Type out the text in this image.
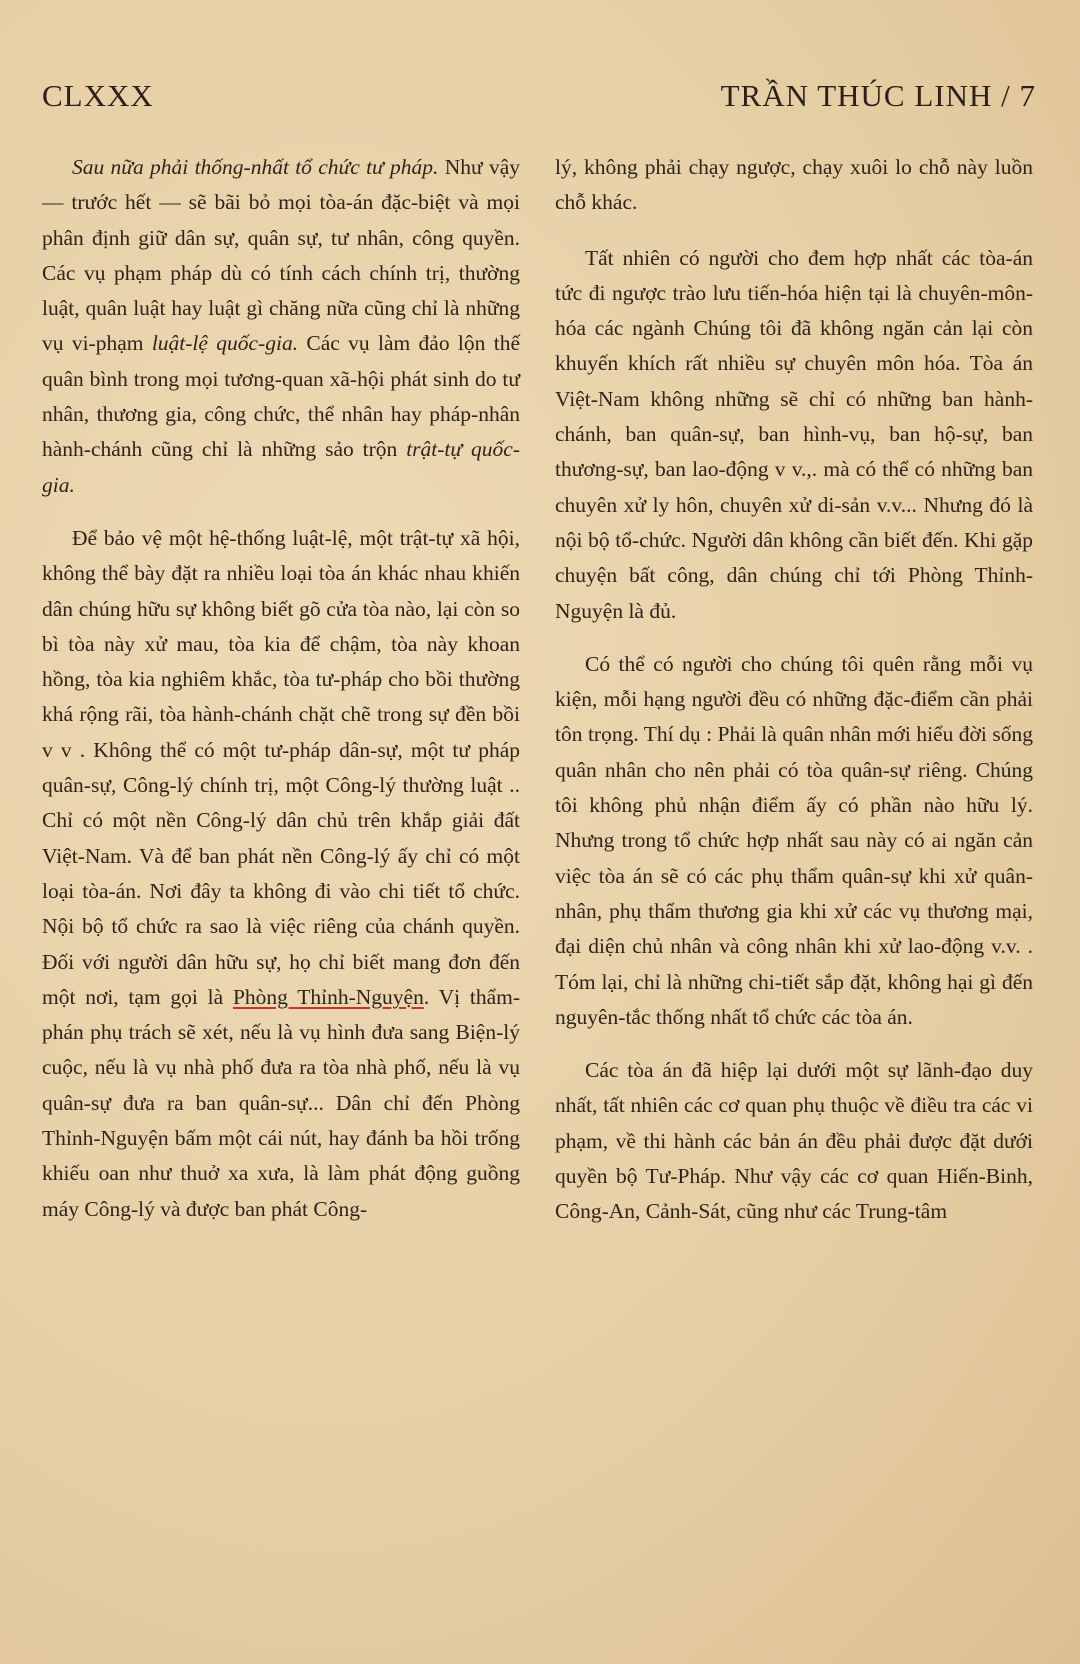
CLXXX	TRẦN THÚC LINH / 7

Sau nữa phải thống-nhất tổ chức tư pháp. Như vậy — trước hết — sẽ bãi bỏ mọi tòa-án đặc-biệt và mọi phân định giữ dân sự, quân sự, tư nhân, công quyền. Các vụ phạm pháp dù có tính cách chính trị, thường luật, quân luật hay luật gì chăng nữa cũng chỉ là những vụ vi-phạm luật-lệ quốc-gia. Các vụ làm đảo lộn thế quân bình trong mọi tương-quan xã-hội phát sinh do tư nhân, thương gia, công chức, thể nhân hay pháp-nhân hành-chánh cũng chỉ là những sảo trộn trật-tự quốc-gia.

Để bảo vệ một hệ-thống luật-lệ, một trật-tự xã hội, không thể bày đặt ra nhiều loại tòa án khác nhau khiến dân chúng hữu sự không biết gõ cửa tòa nào, lại còn so bì tòa này xử mau, tòa kia để chậm, tòa này khoan hồng, tòa kia nghiêm khắc, tòa tư-pháp cho bồi thường khá rộng rãi, tòa hành-chánh chặt chẽ trong sự đền bồi v v . Không thể có một tư-pháp dân-sự, một tư pháp quân-sự, Công-lý chính trị, một Công-lý thường luật .. Chỉ có một nền Công-lý dân chủ trên khắp giải đất Việt-Nam. Và để ban phát nền Công-lý ấy chỉ có một loại tòa-án. Nơi đây ta không đi vào chi tiết tổ chức. Nội bộ tổ chức ra sao là việc riêng của chánh quyền. Đối với người dân hữu sự, họ chỉ biết mang đơn đến một nơi, tạm gọi là Phòng Thỉnh-Nguyện. Vị thẩm-phán phụ trách sẽ xét, nếu là vụ hình đưa sang Biện-lý cuộc, nếu là vụ nhà phố đưa ra tòa nhà phố, nếu là vụ quân-sự đưa ra ban quân-sự... Dân chỉ đến Phòng Thỉnh-Nguyện bấm một cái nút, hay đánh ba hồi trống khiếu oan như thuở xa xưa, là làm phát động guồng máy Công-lý và được ban phát Công-

lý, không phải chạy ngược, chạy xuôi lo chỗ này luồn chỗ khác.

Tất nhiên có người cho đem hợp nhất các tòa-án tức đi ngược trào lưu tiến-hóa hiện tại là chuyên-môn-hóa các ngành Chúng tôi đã không ngăn cản lại còn khuyến khích rất nhiều sự chuyên môn hóa. Tòa án Việt-Nam không những sẽ chỉ có những ban hành-chánh, ban quân-sự, ban hình-vụ, ban hộ-sự, ban thương-sự, ban lao-động v v.,. mà có thể có những ban chuyên xử ly hôn, chuyên xử di-sản v.v... Nhưng đó là nội bộ tổ-chức. Người dân không cần biết đến. Khi gặp chuyện bất công, dân chúng chỉ tới Phòng Thỉnh-Nguyện là đủ.

Có thể có người cho chúng tôi quên rằng mỗi vụ kiện, mỗi hạng người đều có những đặc-điểm cần phải tôn trọng. Thí dụ : Phải là quân nhân mới hiểu đời sống quân nhân cho nên phải có tòa quân-sự riêng. Chúng tôi không phủ nhận điểm ấy có phần nào hữu lý. Nhưng trong tổ chức hợp nhất sau này có ai ngăn cản việc tòa án sẽ có các phụ thẩm quân-sự khi xử quân-nhân, phụ thẩm thương gia khi xử các vụ thương mại, đại diện chủ nhân và công nhân khi xử lao-động v.v. . Tóm lại, chỉ là những chi-tiết sắp đặt, không hại gì đến nguyên-tắc thống nhất tổ chức các tòa án.

Các tòa án đã hiệp lại dưới một sự lãnh-đạo duy nhất, tất nhiên các cơ quan phụ thuộc về điều tra các vi phạm, về thi hành các bản án đều phải được đặt dưới quyền bộ Tư-Pháp. Như vậy các cơ quan Hiến-Binh, Công-An, Cảnh-Sát, cũng như các Trung-tâm
